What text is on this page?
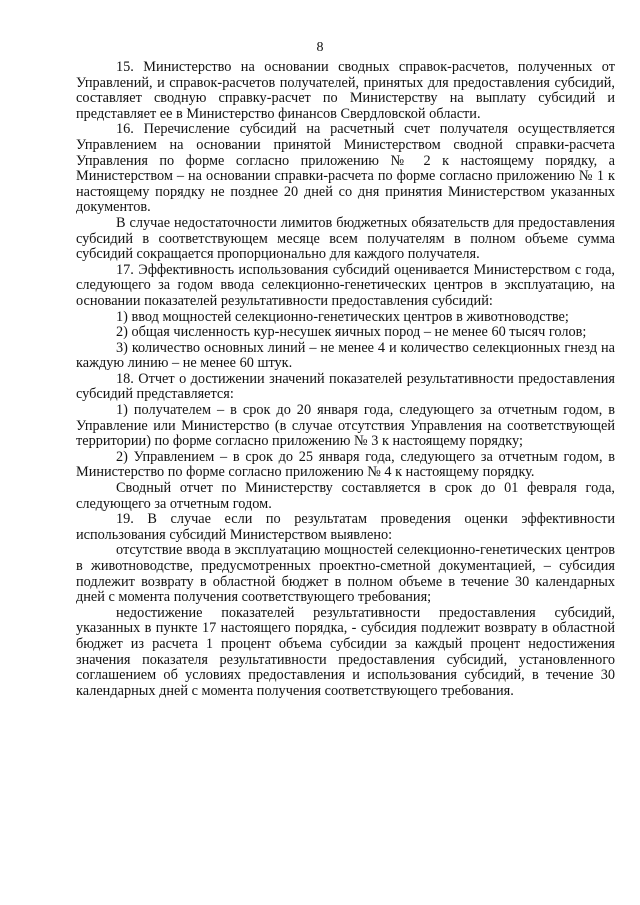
8

15. Министерство на основании сводных справок-расчетов, полученных от Управлений, и справок-расчетов получателей, принятых для предоставления субсидий, составляет сводную справку-расчет по Министерству на выплату субсидий и представляет ее в Министерство финансов Свердловской области.

16. Перечисление субсидий на расчетный счет получателя осуществляется Управлением на основании принятой Министерством сводной справки-расчета Управления по форме согласно приложению № 2 к настоящему порядку, а Министерством – на основании справки-расчета по форме согласно приложению № 1 к настоящему порядку не позднее 20 дней со дня принятия Министерством указанных документов.

В случае недостаточности лимитов бюджетных обязательств для предоставления субсидий в соответствующем месяце всем получателям в полном объеме сумма субсидий сокращается пропорционально для каждого получателя.

17. Эффективность использования субсидий оценивается Министерством с года, следующего за годом ввода селекционно-генетических центров в эксплуатацию, на основании показателей результативности предоставления субсидий:

1) ввод мощностей селекционно-генетических центров в животноводстве;

2) общая численность кур-несушек яичных пород – не менее 60 тысяч голов;

3) количество основных линий – не менее 4 и количество селекционных гнезд на каждую линию – не менее 60 штук.

18. Отчет о достижении значений показателей результативности предоставления субсидий представляется:

1) получателем – в срок до 20 января года, следующего за отчетным годом, в Управление или Министерство (в случае отсутствия Управления на соответствующей территории) по форме согласно приложению № 3 к настоящему порядку;

2) Управлением – в срок до 25 января года, следующего за отчетным годом, в Министерство по форме согласно приложению № 4 к настоящему порядку.

Сводный отчет по Министерству составляется в срок до 01 февраля года, следующего за отчетным годом.

19. В случае если по результатам проведения оценки эффективности использования субсидий Министерством выявлено:

отсутствие ввода в эксплуатацию мощностей селекционно-генетических центров в животноводстве, предусмотренных проектно-сметной документацией, – субсидия подлежит возврату в областной бюджет в полном объеме в течение 30 календарных дней с момента получения соответствующего требования;

недостижение показателей результативности предоставления субсидий, указанных в пункте 17 настоящего порядка, - субсидия подлежит возврату в областной бюджет из расчета 1 процент объема субсидии за каждый процент недостижения значения показателя результативности предоставления субсидий, установленного соглашением об условиях предоставления и использования субсидий, в течение 30 календарных дней с момента получения соответствующего требования.
